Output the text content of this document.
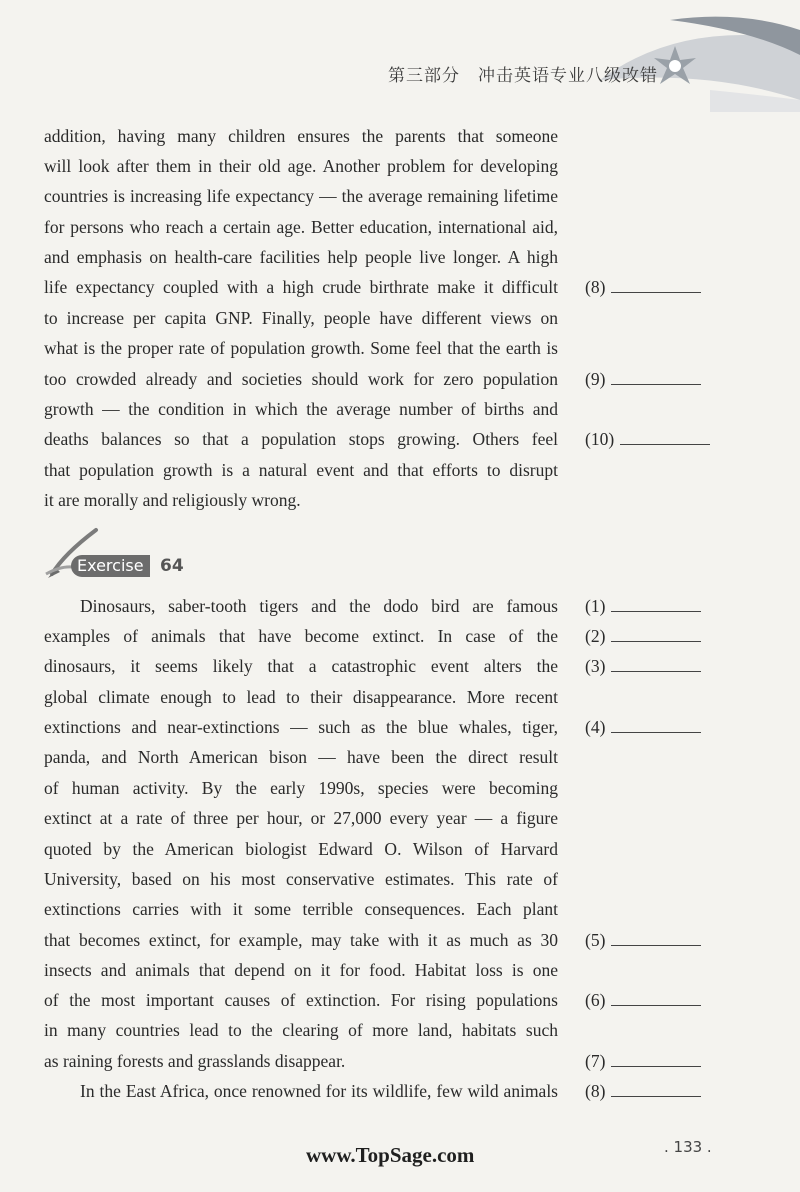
第三部分　冲击英语专业八级改错
addition, having many children ensures the parents that someone
will look after them in their old age. Another problem for developing
countries is increasing life expectancy — the average remaining lifetime
for persons who reach a certain age. Better education, international aid,
and emphasis on health-care facilities help people live longer. A high
life expectancy coupled with a high crude birthrate make it difficult
to increase per capita GNP. Finally, people have different views on
what is the proper rate of population growth. Some feel that the earth is
too crowded already and societies should work for zero population
growth — the condition in which the average number of births and
deaths balances so that a population stops growing. Others feel
that population growth is a natural event and that efforts to disrupt
it are morally and religiously wrong.
(8)
(9)
(10)
Exercise 64
Dinosaurs, saber-tooth tigers and the dodo bird are famous
examples of animals that have become extinct. In case of the
dinosaurs, it seems likely that a catastrophic event alters the
global climate enough to lead to their disappearance. More recent
extinctions and near-extinctions — such as the blue whales, tiger,
panda, and North American bison — have been the direct result
of human activity. By the early 1990s, species were becoming
extinct at a rate of three per hour, or 27,000 every year — a figure
quoted by the American biologist Edward O. Wilson of Harvard
University, based on his most conservative estimates. This rate of
extinctions carries with it some terrible consequences. Each plant
that becomes extinct, for example, may take with it as much as 30
insects and animals that depend on it for food. Habitat loss is one
of the most important causes of extinction. For rising populations
in many countries lead to the clearing of more land, habitats such
as raining forests and grasslands disappear.
In the East Africa, once renowned for its wildlife, few wild animals
(1)
(2)
(3)
(4)
(5)
(6)
(7)
(8)
www.TopSage.com	. 133 .
